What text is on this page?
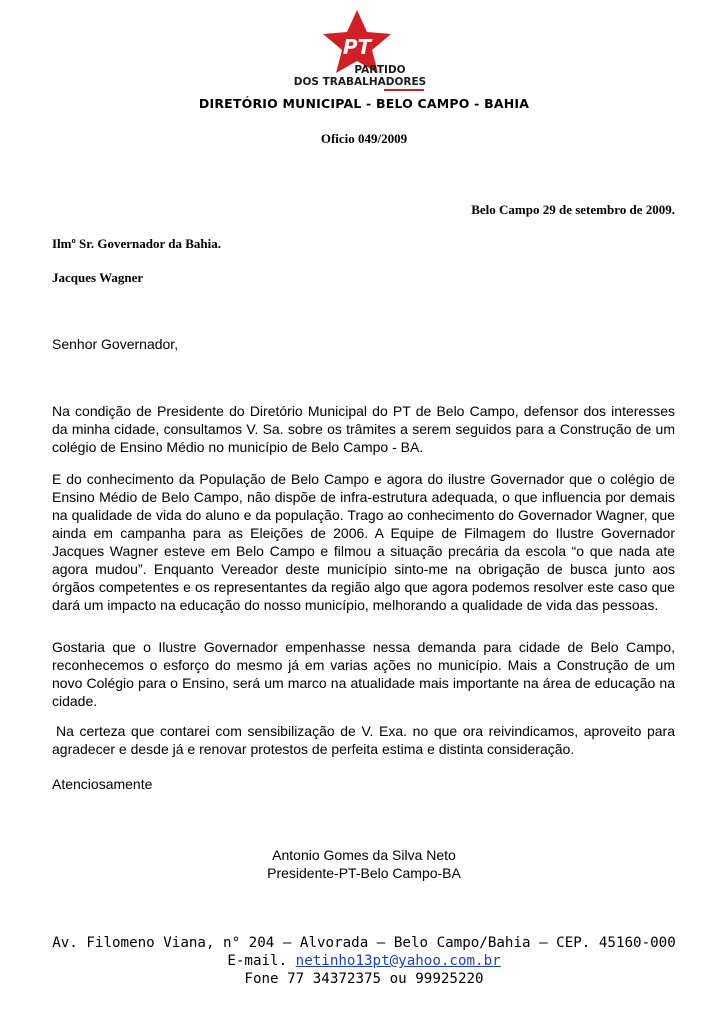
PT
PARTIDO
DOS TRABALHADORES
DIRETÓRIO MUNICIPAL - BELO CAMPO - BAHIA
Oficio 049/2009
Belo Campo 29 de setembro de 2009.
Ilmº Sr. Governador da Bahia.
Jacques Wagner
Senhor Governador,

Na condição de Presidente do Diretório Municipal do PT de Belo Campo, defensor dos interesses da minha cidade, consultamos V. Sa. sobre os trâmites a serem seguidos para a Construção de um colégio de Ensino Médio no município de Belo Campo - BA.

E do conhecimento da População de Belo Campo e agora do ilustre Governador que o colégio de Ensino Médio de Belo Campo, não dispõe de infra-estrutura adequada, o que influencia por demais na qualidade de vida do aluno e da população. Trago ao conhecimento do Governador Wagner, que ainda em campanha para as Eleições de 2006. A Equipe de Filmagem do Ilustre Governador Jacques Wagner esteve em Belo Campo e filmou a situação precária da escola “o que nada ate agora mudou”. Enquanto Vereador deste município sinto-me na obrigação de busca junto aos órgãos competentes e os representantes da região algo que agora podemos resolver este caso que dará um impacto na educação do nosso município, melhorando a qualidade de vida das pessoas.

Gostaria que o Ilustre Governador empenhasse nessa demanda para cidade de Belo Campo, reconhecemos o esforço do mesmo já em varias ações no município. Mais a Construção de um novo Colégio para o Ensino, será um marco na atualidade mais importante na área de educação na cidade.

Na certeza que contarei com sensibilização de V. Exa. no que ora reivindicamos, aproveito para agradecer e desde já e renovar protestos de perfeita estima e distinta consideração.

Atenciosamente
Antonio Gomes da Silva Neto
Presidente-PT-Belo Campo-BA
Av. Filomeno Viana, n° 204 – Alvorada – Belo Campo/Bahia – CEP. 45160-000
E-mail. netinho13pt@yahoo.com.br
Fone 77 34372375 ou 99925220
